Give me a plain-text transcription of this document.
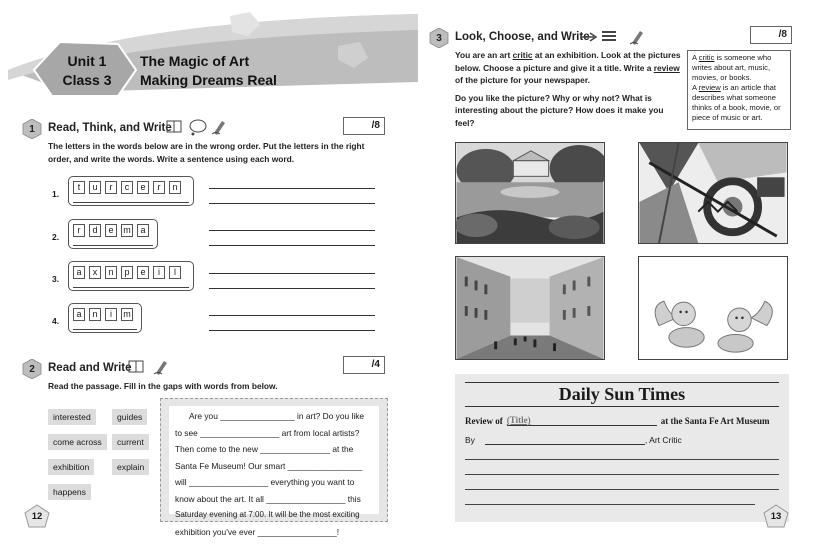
Unit 1
Class 3
The Magic of Art
Making Dreams Real
1 Read, Think, and Write	/8
The letters in the words below are in the wrong order. Put the letters in the right
order, and write the words. Write a sentence using each word.
1.
t	u	r	c	e	r	n
2.
r	d	e	m	a
3.
a	x	n	p	e	i	l
4.
a	n	i	m
2 Read and Write	/4
Read the passage. Fill in the gaps with words from below.
interested	guides
come across	current
exhibition	explain
happens
Are you ________________ in art? Do you like
to see _________________ art from local artists?
Then come to the new _______________ at the
Santa Fe Museum! Our smart ________________
will _________________ everything you want to
know about the art. It all _________________ this
Saturday evening at 7:00. It will be the most exciting
exhibition you've ever _________________!
12
3 Look, Choose, and Write	/8
You are an art critic at an exhibition. Look at the pictures
below. Choose a picture and give it a title. Write a review
of the picture for your newspaper.
Do you like the picture? Why or why not? What is
interesting about the picture? How does it make you feel?
A critic is someone who writes about art, music, movies, or books.
A review is an article that describes what someone thinks of a book, movie, or piece of music or art.
Daily Sun Times
Review of (Title)	at the Santa Fe Art Museum
By	, Art Critic
13
